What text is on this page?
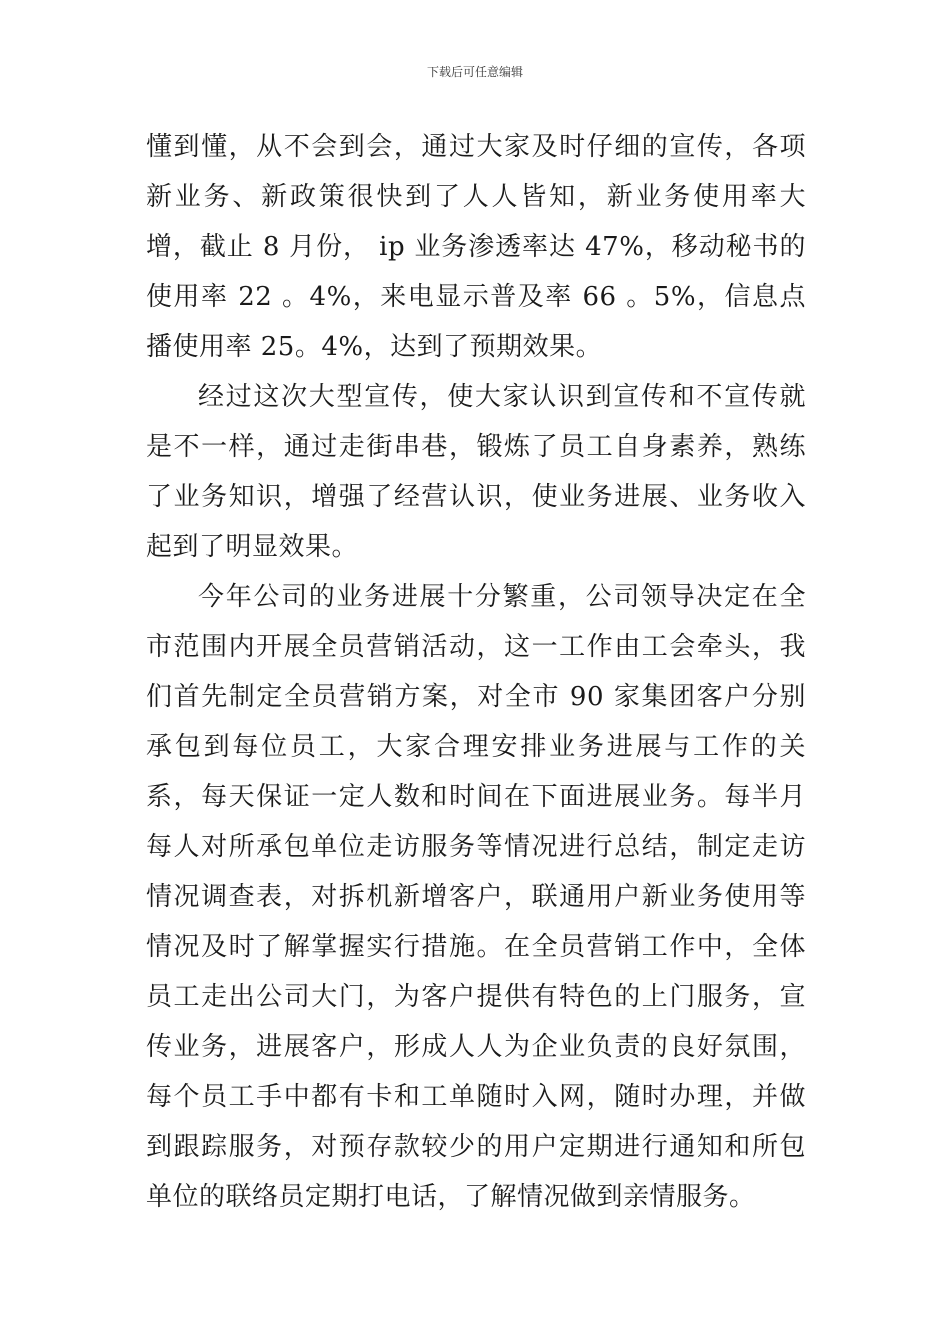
下载后可任意编辑

懂到懂，从不会到会，通过大家及时仔细的宣传，各项新业务、新政策很快到了人人皆知，新业务使用率大增，截止 8 月份， ip 业务渗透率达 47%，移动秘书的使用率 22 。4%，来电显示普及率 66 。5%，信息点播使用率 25。4%，达到了预期效果。

经过这次大型宣传，使大家认识到宣传和不宣传就是不一样，通过走街串巷，锻炼了员工自身素养，熟练了业务知识，增强了经营认识，使业务进展、业务收入起到了明显效果。

今年公司的业务进展十分繁重，公司领导决定在全市范围内开展全员营销活动，这一工作由工会牵头，我们首先制定全员营销方案，对全市 90 家集团客户分别承包到每位员工，大家合理安排业务进展与工作的关系，每天保证一定人数和时间在下面进展业务。每半月每人对所承包单位走访服务等情况进行总结，制定走访情况调查表，对拆机新增客户，联通用户新业务使用等情况及时了解掌握实行措施。在全员营销工作中，全体员工走出公司大门，为客户提供有特色的上门服务，宣传业务，进展客户，形成人人为企业负责的良好氛围，每个员工手中都有卡和工单随时入网，随时办理，并做到跟踪服务，对预存款较少的用户定期进行通知和所包单位的联络员定期打电话，了解情况做到亲情服务。
